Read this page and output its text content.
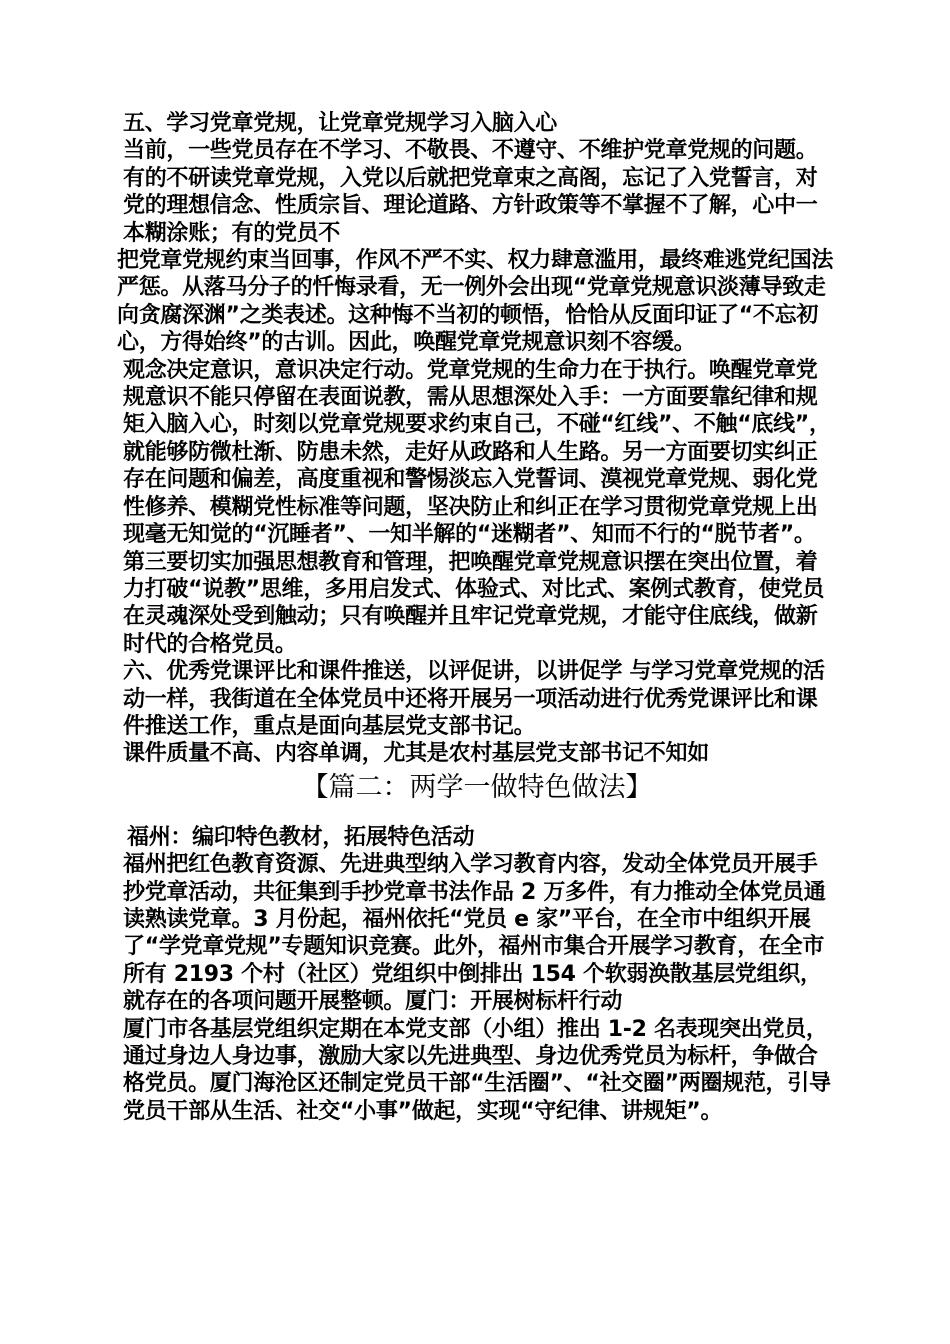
五、学习党章党规，让党章党规学习入脑入心

当前，一些党员存在不学习、不敬畏、不遵守、不维护党章党规的问题。有的不研读党章党规，入党以后就把党章束之高阁，忘记了入党誓言，对党的理想信念、性质宗旨、理论道路、方针政策等不掌握不了解，心中一本糊涂账；有的党员不

把党章党规约束当回事，作风不严不实、权力肆意滥用，最终难逃党纪国法严惩。从落马分子的忏悔录看，无一例外会出现“党章党规意识淡薄导致走向贪腐深渊”之类表述。这种悔不当初的顿悟，恰恰从反面印证了“不忘初心，方得始终”的古训。因此，唤醒党章党规意识刻不容缓。

观念决定意识，意识决定行动。党章党规的生命力在于执行。唤醒党章党规意识不能只停留在表面说教，需从思想深处入手：一方面要靠纪律和规矩入脑入心，时刻以党章党规要求约束自己，不碰“红线”、不触“底线”，就能够防微杜渐、防患未然，走好从政路和人生路。另一方面要切实纠正存在问题和偏差，高度重视和警惕淡忘入党誓词、漠视党章党规、弱化党性修养、模糊党性标准等问题，坚决防止和纠正在学习贯彻党章党规上出现毫无知觉的“沉睡者”、一知半解的“迷糊者”、知而不行的“脱节者”。第三要切实加强思想教育和管理，把唤醒党章党规意识摆在突出位置，着力打破“说教”思维，多用启发式、体验式、对比式、案例式教育，使党员在灵魂深处受到触动；只有唤醒并且牢记党章党规，才能守住底线，做新时代的合格党员。

六、优秀党课评比和课件推送，以评促讲，以讲促学 与学习党章党规的活动一样，我街道在全体党员中还将开展另一项活动进行优秀党课评比和课件推送工作，重点是面向基层党支部书记。

课件质量不高、内容单调，尤其是农村基层党支部书记不知如

【篇二：两学一做特色做法】

福州：编印特色教材，拓展特色活动

福州把红色教育资源、先进典型纳入学习教育内容，发动全体党员开展手抄党章活动，共征集到手抄党章书法作品 2 万多件，有力推动全体党员通读熟读党章。3 月份起，福州依托“党员 e 家”平台，在全市中组织开展了“学党章党规”专题知识竞赛。此外，福州市集合开展学习教育，在全市所有 2193 个村（社区）党组织中倒排出 154 个软弱涣散基层党组织，就存在的各项问题开展整顿。厦门：开展树标杆行动

厦门市各基层党组织定期在本党支部（小组）推出 1-2 名表现突出党员，通过身边人身边事，激励大家以先进典型、身边优秀党员为标杆，争做合格党员。厦门海沧区还制定党员干部“生活圈”、“社交圈”两圈规范，引导党员干部从生活、社交“小事”做起，实现“守纪律、讲规矩”。
